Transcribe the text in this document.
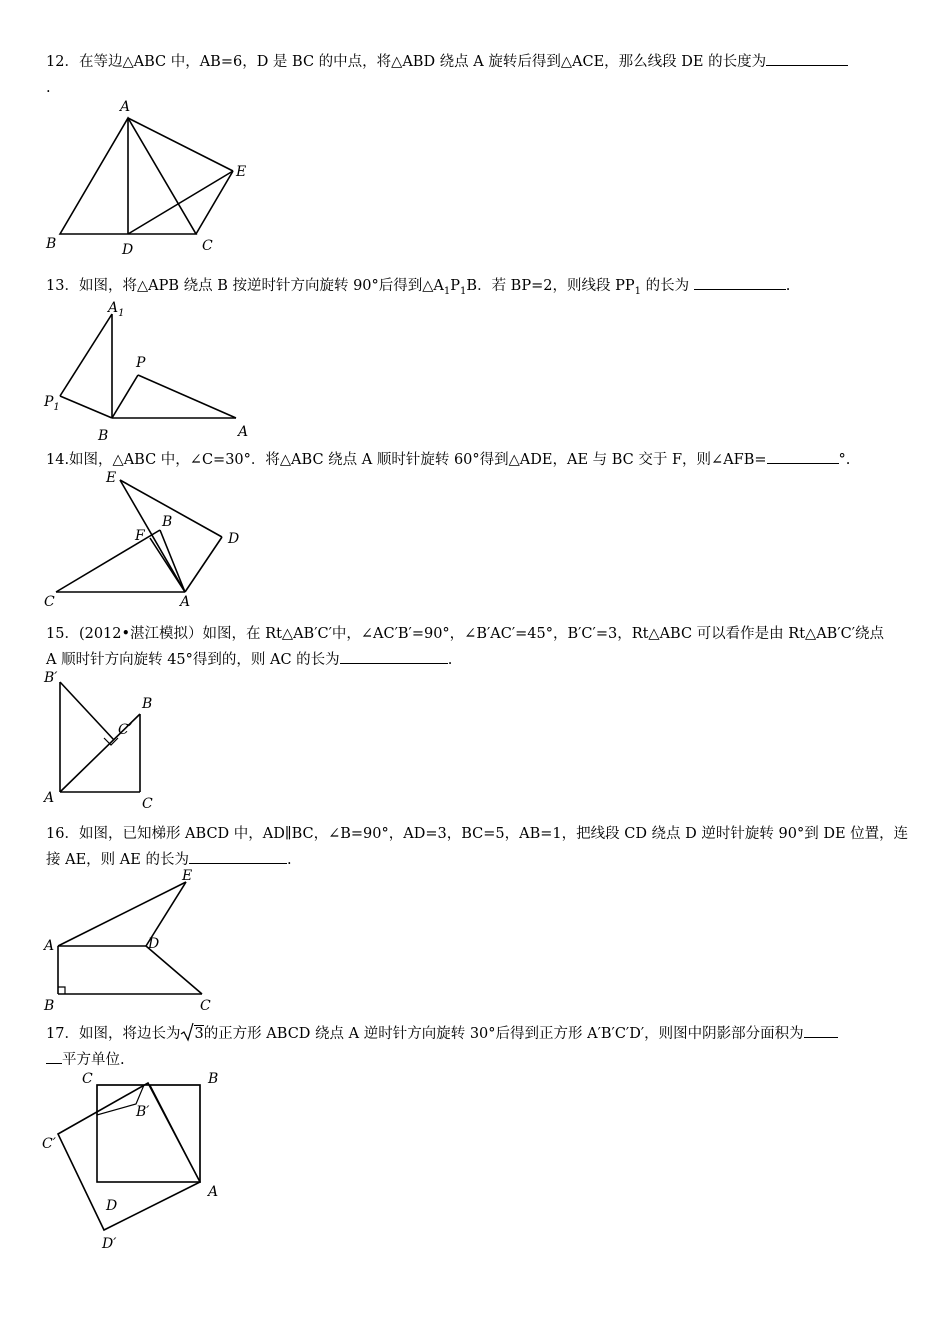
12．在等边△ABC 中，AB=6，D 是 BC 的中点，将△ABD 绕点 A 旋转后得到△ACE，那么线段 DE 的长度为
.
A
B	D	C
E
13．如图，将△APB 绕点 B 按逆时针方向旋转 90°后得到$\triangle A_1P_1B$．若 BP=2，则线段 $PP_1$ 的长为	.
$A_1$
P
$P_1$
B	A
14.如图，△ABC 中，∠C=30°．将△ABC 绕点 A 顺时针旋转 60°得到△ADE，AE 与 BC 交于 F，则∠AFB=	°.
E
B
F	D
C	A
15．(2012•湛江模拟）如图，在 Rt△AB′C′中，∠AC′B′=90°，∠B′AC′=45°，B′C′=3，Rt△ABC 可以看作是由 Rt△AB′C′绕点
A 顺时针方向旋转 45°得到的，则 AC 的长为	.
B′
B
C′
A	C
16．如图，已知梯形 ABCD 中，AD∥BC，∠B=90°，AD=3，BC=5，AB=1，把线段 CD 绕点 D 逆时针旋转 90°到 DE 位置，连
接 AE，则 AE 的长为	.
E
A	D
B	C
17．如图，将边长为 3的正方形 ABCD 绕点 A 逆时针方向旋转 30°后得到正方形 A′B′C′D′，则图中阴影部分面积为
平方单位.
C	B
B′
C′
A
D
D′
